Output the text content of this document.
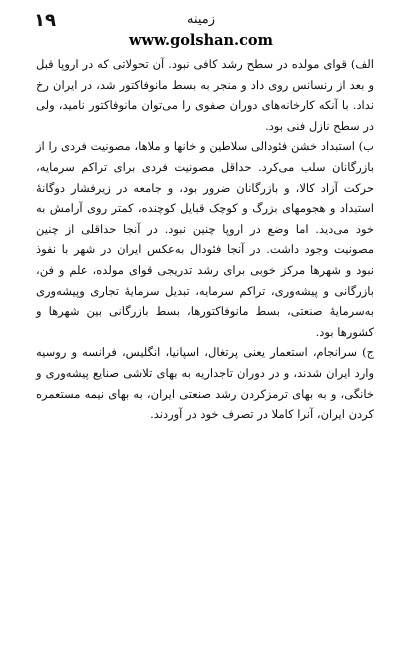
١٩	زمینه
www.golshan.com

الف) قوای مولده در سطح رشد کافی نبود. آن تحولاتی که در اروپا قبل و بعد از رنسانس روی داد و منجر به بسط مانوفاکتور شد، در ایران رخ نداد. با آنکه کارخانه‌های دوران صفوی را می‌توان مانوفاکتور نامید، ولی در سطح نازل فنی بود.

ب) استبداد خشن فئودالی سلاطین و خانها و ملاها، مصونیت فردی را از بازرگانان سلب می‌کرد. حداقل مصونیت فردی برای تراکم سرمایه، حرکت آزاد کالا، و بازرگانان ضرور بود، و جامعه در زیرفشار دوگانهٔ استبداد و هجومهای بزرگ و کوچک قبایل کوچنده، کمتر روی آرامش به خود می‌دید. اما وضع در اروپا چنین نبود. در آنجا حداقلی از چنین مصونیت وجود داشت. در آنجا فئودال به‌عکس ایران در شهر با نفوذ نبود و شهرها مرکز خوبی برای رشد تدریجی قوای مولده، علم و فن، بازرگانی و پیشه‌وری، تراکم سرمایه، تبدیل سرمایهٔ تجاری وپیشه‌وری به‌سرمایهٔ صنعتی، بسط مانوفاکتورها، بسط بازرگانی بین شهرها و کشورها بود.

ج) سرانجام، استعمار یعنی پرتغال، اسپانیا، انگلیس، فرانسه و روسیه وارد ایران شدند، و در دوران تاجداریه به بهای تلاشی صنایع پیشه‌وری و خانگی، و به بهای ترمزکردن رشد صنعتی ایران، به بهای نیمه مستعمره کردن ایران، آنرا کاملا در تصرف خود در آوردند.
